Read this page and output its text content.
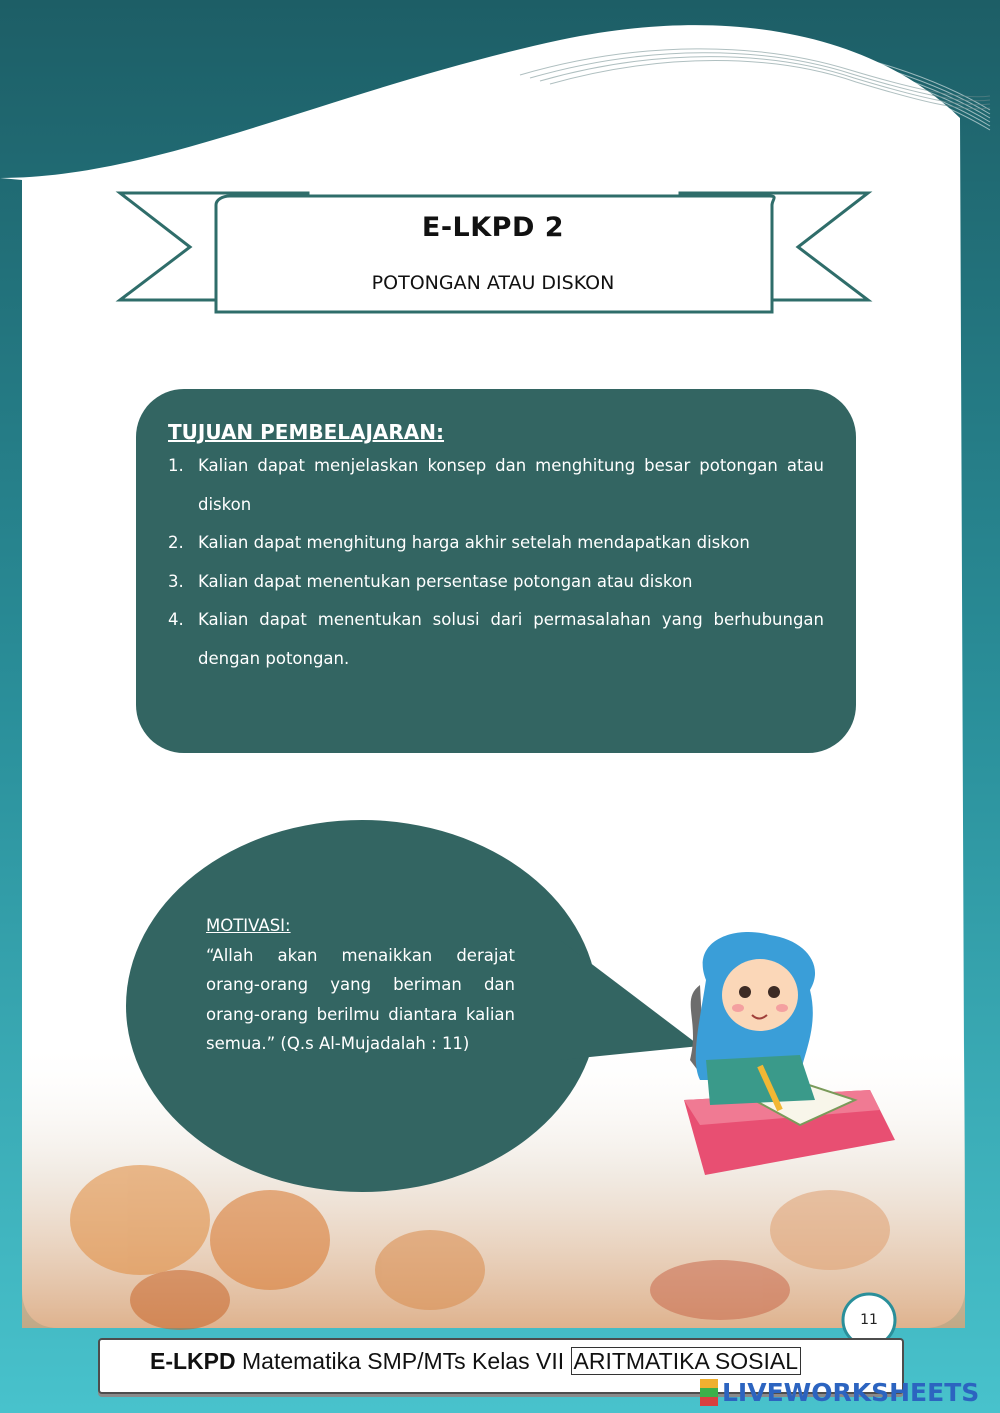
E-LKPD 2
POTONGAN ATAU DISKON
TUJUAN PEMBELAJARAN:
1. Kalian dapat menjelaskan konsep dan menghitung besar potongan atau diskon
2. Kalian dapat menghitung harga akhir setelah mendapatkan diskon
3. Kalian dapat menentukan persentase potongan atau diskon
4. Kalian dapat menentukan solusi dari permasalahan yang berhubungan dengan potongan.
MOTIVASI:
“Allah akan menaikkan derajat orang-orang yang beriman dan orang-orang berilmu diantara kalian semua.” (Q.s Al-Mujadalah : 11)
11
E-LKPD Matematika SMP/MTs Kelas VII ARITMATIKA SOSIAL
LIVEWORKSHEETS
